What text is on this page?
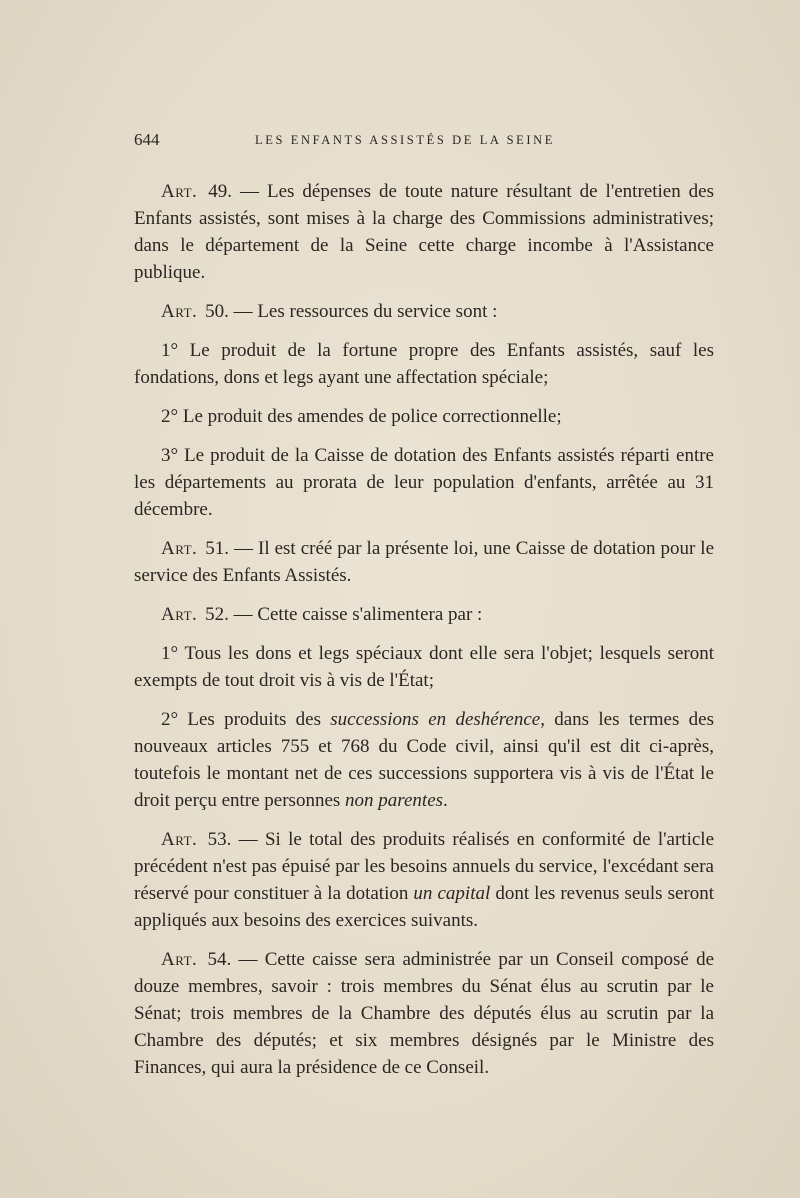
644	LES ENFANTS ASSISTÉS DE LA SEINE

Art. 49. — Les dépenses de toute nature résultant de l'entretien des Enfants assistés, sont mises à la charge des Commissions administratives; dans le département de la Seine cette charge incombe à l'Assistance publique.

Art. 50. — Les ressources du service sont :

1° Le produit de la fortune propre des Enfants assistés, sauf les fondations, dons et legs ayant une affectation spéciale;

2° Le produit des amendes de police correctionnelle;

3° Le produit de la Caisse de dotation des Enfants assistés réparti entre les départements au prorata de leur population d'enfants, arrêtée au 31 décembre.

Art. 51. — Il est créé par la présente loi, une Caisse de dotation pour le service des Enfants Assistés.

Art. 52. — Cette caisse s'alimentera par :

1° Tous les dons et legs spéciaux dont elle sera l'objet; lesquels seront exempts de tout droit vis à vis de l'État;

2° Les produits des successions en deshérence, dans les termes des nouveaux articles 755 et 768 du Code civil, ainsi qu'il est dit ci-après, toutefois le montant net de ces successions supportera vis à vis de l'État le droit perçu entre personnes non parentes.

Art. 53. — Si le total des produits réalisés en conformité de l'article précédent n'est pas épuisé par les besoins annuels du service, l'excédant sera réservé pour constituer à la dotation un capital dont les revenus seuls seront appliqués aux besoins des exercices suivants.

Art. 54. — Cette caisse sera administrée par un Conseil composé de douze membres, savoir : trois membres du Sénat élus au scrutin par le Sénat; trois membres de la Chambre des députés élus au scrutin par la Chambre des députés; et six membres désignés par le Ministre des Finances, qui aura la présidence de ce Conseil.
